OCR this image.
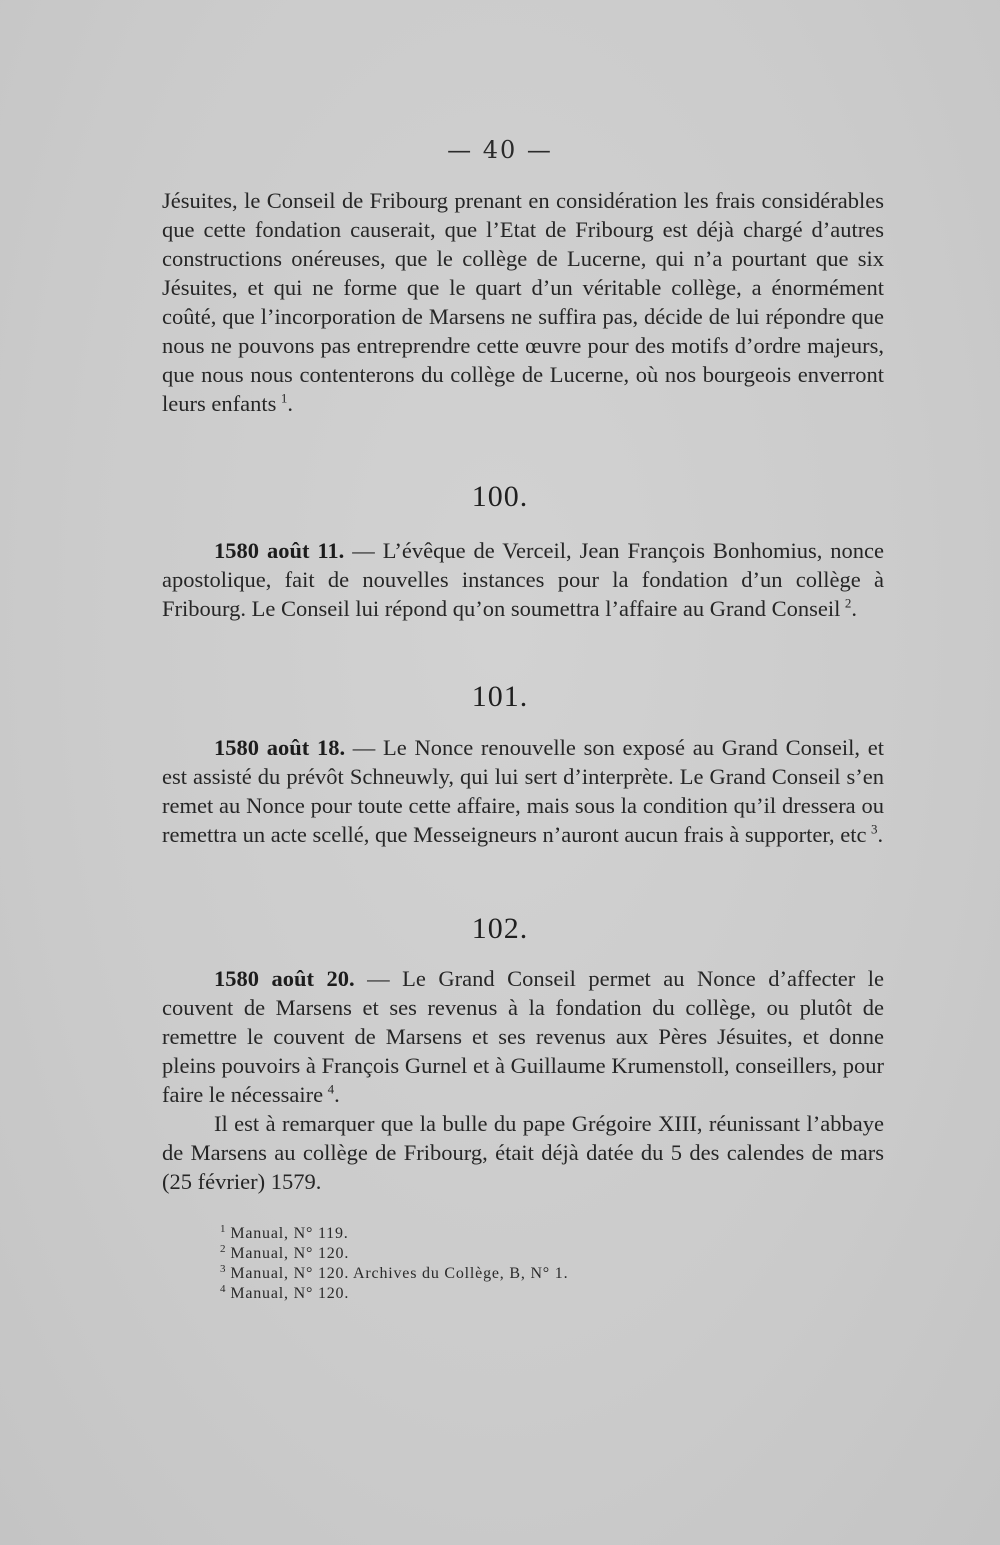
— 40 —

Jésuites, le Conseil de Fribourg prenant en considération les frais considérables que cette fondation causerait, que l’Etat de Fribourg est déjà chargé d’autres constructions onéreuses, que le collège de Lucerne, qui n’a pourtant que six Jésuites, et qui ne forme que le quart d’un véritable collège, a énormément coûté, que l’incorporation de Marsens ne suffira pas, décide de lui répondre que nous ne pouvons pas entreprendre cette œuvre pour des motifs d’ordre majeurs, que nous nous contenterons du collège de Lucerne, où nos bourgeois enverront leurs enfants  $^1$.

100.

1580 août 11. — L’évêque de Verceil, Jean François Bonhomius, nonce apostolique, fait de nouvelles instances pour la fondation d’un collège à Fribourg. Le Conseil lui répond qu’on soumettra l’affaire au Grand Conseil  $^2$.

101.

1580 août 18. — Le Nonce renouvelle son exposé au Grand Conseil, et est assisté du prévôt Schneuwly, qui lui sert d’interprète. Le Grand Conseil s’en remet au Nonce pour toute cette affaire, mais sous la condition qu’il dressera ou remettra un acte scellé, que Messeigneurs n’auront aucun frais à supporter, etc  $^3$.

102.

1580 août 20. — Le Grand Conseil permet au Nonce d’affecter le couvent de Marsens et ses revenus à la fondation du collège, ou plutôt de remettre le couvent de Marsens et ses revenus aux Pères Jésuites, et donne pleins pouvoirs à François Gurnel et à Guillaume Krumenstoll, conseillers, pour faire le nécessaire  $^4$.

Il est à remarquer que la bulle du pape Grégoire XIII, réunissant l’abbaye de Marsens au collège de Fribourg, était déjà datée du 5 des calendes de mars (25 février) 1579.

$^1$ Manual, N° 119.
$^2$ Manual, N° 120.
$^3$ Manual, N° 120. Archives du Collège, B, N° 1.
$^4$ Manual, N° 120.
